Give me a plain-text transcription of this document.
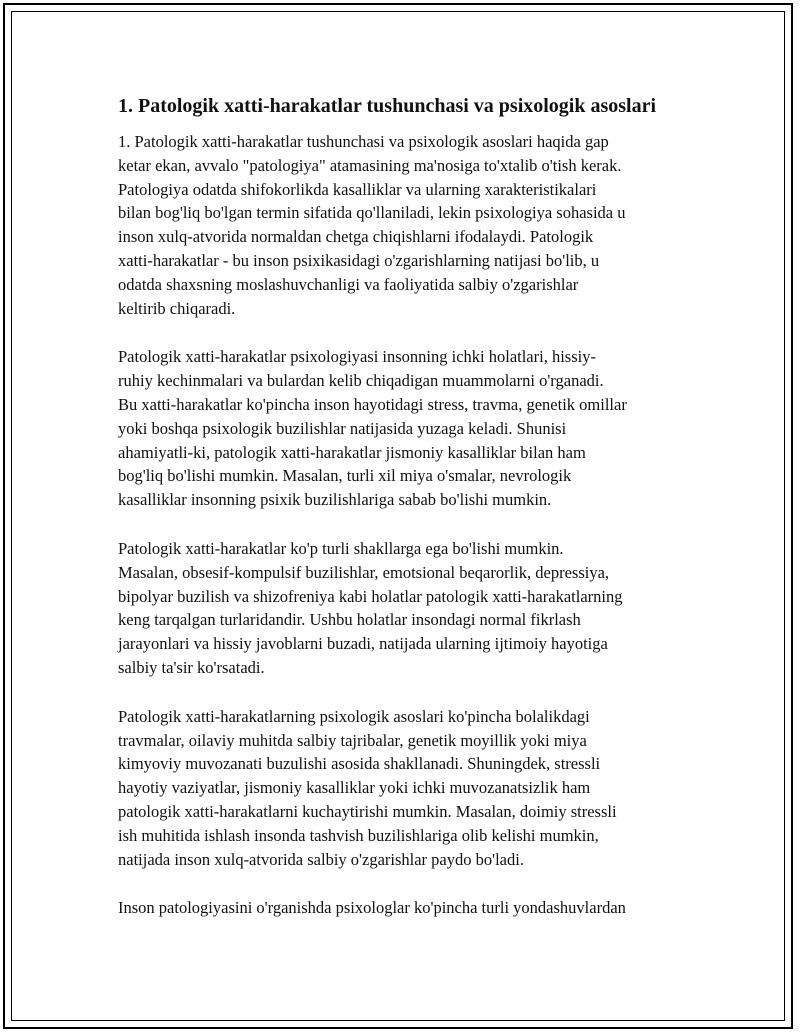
1. Patologik xatti-harakatlar tushunchasi va psixologik asoslari
1. Patologik xatti-harakatlar tushunchasi va psixologik asoslari haqida gap
ketar ekan, avvalo "patologiya" atamasining ma'nosiga to'xtalib o'tish kerak.
Patologiya odatda shifokorlikda kasalliklar va ularning xarakteristikalari
bilan bog'liq bo'lgan termin sifatida qo'llaniladi, lekin psixologiya sohasida u
inson xulq-atvorida normaldan chetga chiqishlarni ifodalaydi. Patologik
xatti-harakatlar - bu inson psixikasidagi o'zgarishlarning natijasi bo'lib, u
odatda shaxsning moslashuvchanligi va faoliyatida salbiy o'zgarishlar
keltirib chiqaradi.
Patologik xatti-harakatlar psixologiyasi insonning ichki holatlari, hissiy-
ruhiy kechinmalari va bulardan kelib chiqadigan muammolarni o'rganadi.
Bu xatti-harakatlar ko'pincha inson hayotidagi stress, travma, genetik omillar
yoki boshqa psixologik buzilishlar natijasida yuzaga keladi. Shunisi
ahamiyatli-ki, patologik xatti-harakatlar jismoniy kasalliklar bilan ham
bog'liq bo'lishi mumkin. Masalan, turli xil miya o'smalar, nevrologik
kasalliklar insonning psixik buzilishlariga sabab bo'lishi mumkin.
Patologik xatti-harakatlar ko'p turli shakllarga ega bo'lishi mumkin.
Masalan, obsesif-kompulsif buzilishlar, emotsional beqarorlik, depressiya,
bipolyar buzilish va shizofreniya kabi holatlar patologik xatti-harakatlarning
keng tarqalgan turlaridandir. Ushbu holatlar insondagi normal fikrlash
jarayonlari va hissiy javoblarni buzadi, natijada ularning ijtimoiy hayotiga
salbiy ta'sir ko'rsatadi.
Patologik xatti-harakatlarning psixologik asoslari ko'pincha bolalikdagi
travmalar, oilaviy muhitda salbiy tajribalar, genetik moyillik yoki miya
kimyoviy muvozanati buzulishi asosida shakllanadi. Shuningdek, stressli
hayotiy vaziyatlar, jismoniy kasalliklar yoki ichki muvozanatsizlik ham
patologik xatti-harakatlarni kuchaytirishi mumkin. Masalan, doimiy stressli
ish muhitida ishlash insonda tashvish buzilishlariga olib kelishi mumkin,
natijada inson xulq-atvorida salbiy o'zgarishlar paydo bo'ladi.
Inson patologiyasini o'rganishda psixologlar ko'pincha turli yondashuvlardan
